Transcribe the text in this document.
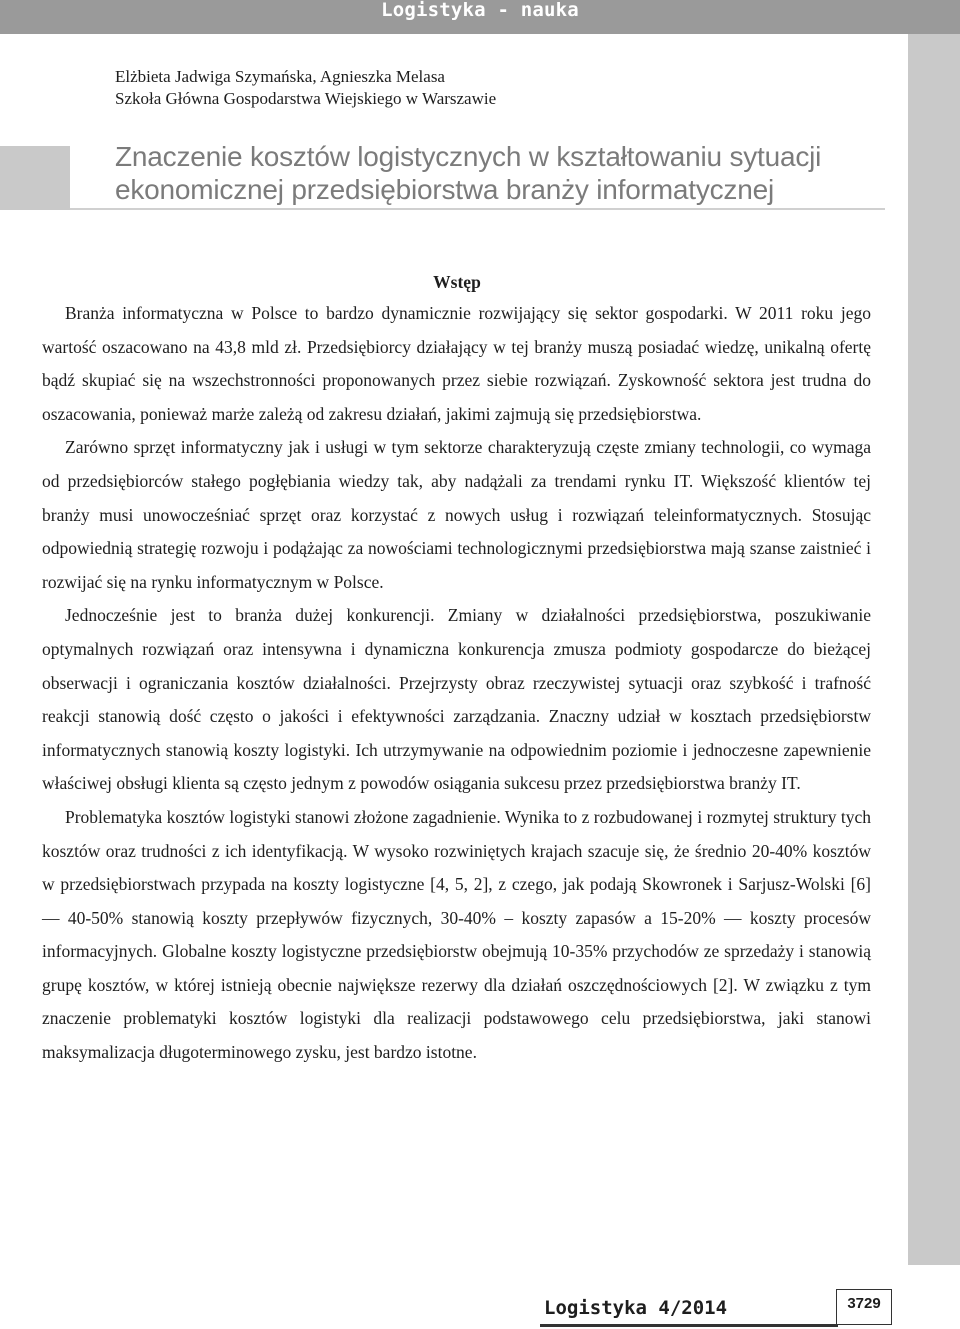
Logistyka - nauka
Elżbieta Jadwiga Szymańska, Agnieszka Melasa
Szkoła Główna Gospodarstwa Wiejskiego w Warszawie
Znaczenie kosztów logistycznych w kształtowaniu sytuacji
ekonomicznej przedsiębiorstwa branży informatycznej
Wstęp

Branża informatyczna w Polsce to bardzo dynamicznie rozwijający się sektor gospodarki. W 2011 roku jego wartość oszacowano na 43,8 mld zł. Przedsiębiorcy działający w tej branży muszą posiadać wiedzę, unikalną ofertę bądź skupiać się na wszechstronności proponowanych przez siebie rozwiązań. Zyskowność sektora jest trudna do oszacowania, ponieważ marże zależą od zakresu działań, jakimi zajmują się przedsiębiorstwa.

Zarówno sprzęt informatyczny jak i usługi w tym sektorze charakteryzują częste zmiany technologii, co wymaga od przedsiębiorców stałego pogłębiania wiedzy tak, aby nadążali za trendami rynku IT. Większość klientów tej branży musi unowocześniać sprzęt oraz korzystać z nowych usług i rozwiązań teleinformatycznych. Stosując odpowiednią strategię rozwoju i podążając za nowościami technologicznymi przedsiębiorstwa mają szanse zaistnieć i rozwijać się na rynku informatycznym w Polsce.

Jednocześnie jest to branża dużej konkurencji. Zmiany w działalności przedsiębiorstwa, poszukiwanie optymalnych rozwiązań oraz intensywna i dynamiczna konkurencja zmusza podmioty gospodarcze do bieżącej obserwacji i ograniczania kosztów działalności. Przejrzysty obraz rzeczywistej sytuacji oraz szybkość i trafność reakcji stanowią dość często o jakości i efektywności zarządzania. Znaczny udział w kosztach przedsiębiorstw informatycznych stanowią koszty logistyki. Ich utrzymywanie na odpowiednim poziomie i jednoczesne zapewnienie właściwej obsługi klienta są często jednym z powodów osiągania sukcesu przez przedsiębiorstwa branży IT.

Problematyka kosztów logistyki stanowi złożone zagadnienie. Wynika to z rozbudowanej i rozmytej struktury tych kosztów oraz trudności z ich identyfikacją. W wysoko rozwiniętych krajach szacuje się, że średnio 20-40% kosztów w przedsiębiorstwach przypada na koszty logistyczne [4, 5, 2], z czego, jak podają Skowronek i Sarjusz-Wolski [6] — 40-50% stanowią koszty przepływów fizycznych, 30-40% – koszty zapasów a 15-20% — koszty procesów informacyjnych. Globalne koszty logistyczne przedsiębiorstw obejmują 10-35% przychodów ze sprzedaży i stanowią grupę kosztów, w której istnieją obecnie największe rezerwy dla działań oszczędnościowych [2]. W związku z tym znaczenie problematyki kosztów logistyki dla realizacji podstawowego celu przedsiębiorstwa, jaki stanowi maksymalizacja długoterminowego zysku, jest bardzo istotne.

Logistyka 4/2014	3729
